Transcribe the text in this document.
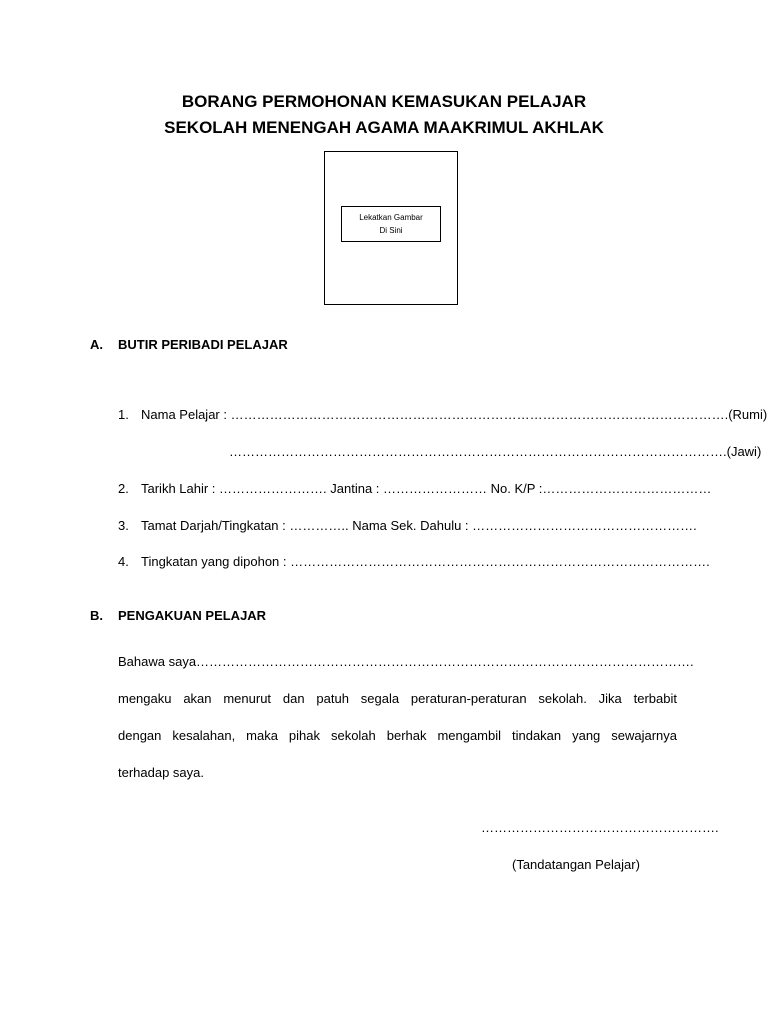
BORANG PERMOHONAN KEMASUKAN PELAJAR
SEKOLAH MENENGAH AGAMA MAAKRIMUL AKHLAK
Lekatkan Gambar
Di Sini
A. BUTIR PERIBADI PELAJAR
1. Nama Pelajar : …………………………………………………………………………………………………….(Rumi)
…………………………………………………………………………………………………….(Jawi)
2. Tarikh Lahir : ……………………. Jantina : …………………… No. K/P :…………………………………
3. Tamat Darjah/Tingkatan : ………….. Nama Sek. Dahulu : …………………………………………….
4. Tingkatan yang dipohon : …………………………………………………………………………………….
B. PENGAKUAN PELAJAR
Bahawa saya…………………………………………………………………………………………………….
mengaku akan menurut dan patuh segala peraturan-peraturan sekolah. Jika terbabit
dengan kesalahan, maka pihak sekolah berhak mengambil tindakan yang sewajarnya
terhadap saya.
……………………………………………….
(Tandatangan Pelajar)
